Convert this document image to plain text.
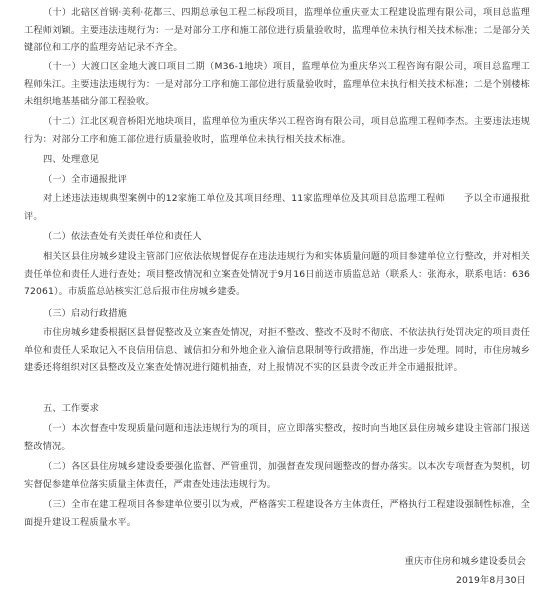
（十）北碚区首钢·美利·花都三、四期总承包工程二标段项目，监理单位重庆亚太工程建设监理有限公司，项目总监理工程师刘颖。主要违法违规行为：一是对部分工序和施工部位进行质量验收时，监理单位未执行相关技术标准；二是部分关键部位和工序的监理旁站记录不齐全。

（十一）大渡口区金地大渡口项目二期（M36-1地块）项目，监理单位为重庆华兴工程咨询有限公司，项目总监理工程师朱江。主要违法违规行为：一是对部分工序和施工部位进行质量验收时，监理单位未执行相关技术标准；二是个别楼栋未组织地基基础分部工程验收。

（十二）江北区观音桥阳光地块项目，监理单位为重庆华兴工程咨询有限公司，项目总监理工程师李杰。主要违法违规行为：对部分工序和施工部位进行质量验收时，监理单位未执行相关技术标准。

四、处理意见

（一）全市通报批评

对上述违法违规典型案例中的12家施工单位及其项目经理、11家监理单位及其项目总监理工程师　　予以全市通报批评。

（二）依法查处有关责任单位和责任人

相关区县住房城乡建设主管部门应依法依规督促存在违法违规行为和实体质量问题的项目参建单位立行整改，并对相关责任单位和责任人进行查处；项目整改情况和立案查处情况于9月16日前送市质监总站（联系人：张海永，联系电话：63672061）。市质监总站核实汇总后报市住房城乡建委。

（三）启动行政措施

市住房城乡建委根据区县督促整改及立案查处情况，对拒不整改、整改不及时不彻底、不依法执行处罚决定的项目责任单位和责任人采取记入不良信用信息、诚信扣分和外地企业入渝信息限制等行政措施，作出进一步处理。同时，市住房城乡建委还将组织对区县整改及立案查处情况进行随机抽查，对上报情况不实的区县责令改正并全市通报批评。

五、工作要求

（一）本次督查中发现质量问题和违法违规行为的项目，应立即落实整改，按时向当地区县住房城乡建设主管部门报送整改情况。

（二）各区县住房城乡建设委要强化监督、严管重罚，加强督查发现问题整改的督办落实。以本次专项督查为契机，切实督促参建单位落实质量主体责任，严肃查处违法违规行为。

（三）全市在建工程项目各参建单位要引以为戒，严格落实工程建设各方主体责任，严格执行工程建设强制性标准，全面提升建设工程质量水平。

重庆市住房和城乡建设委员会

2019年8月30日
